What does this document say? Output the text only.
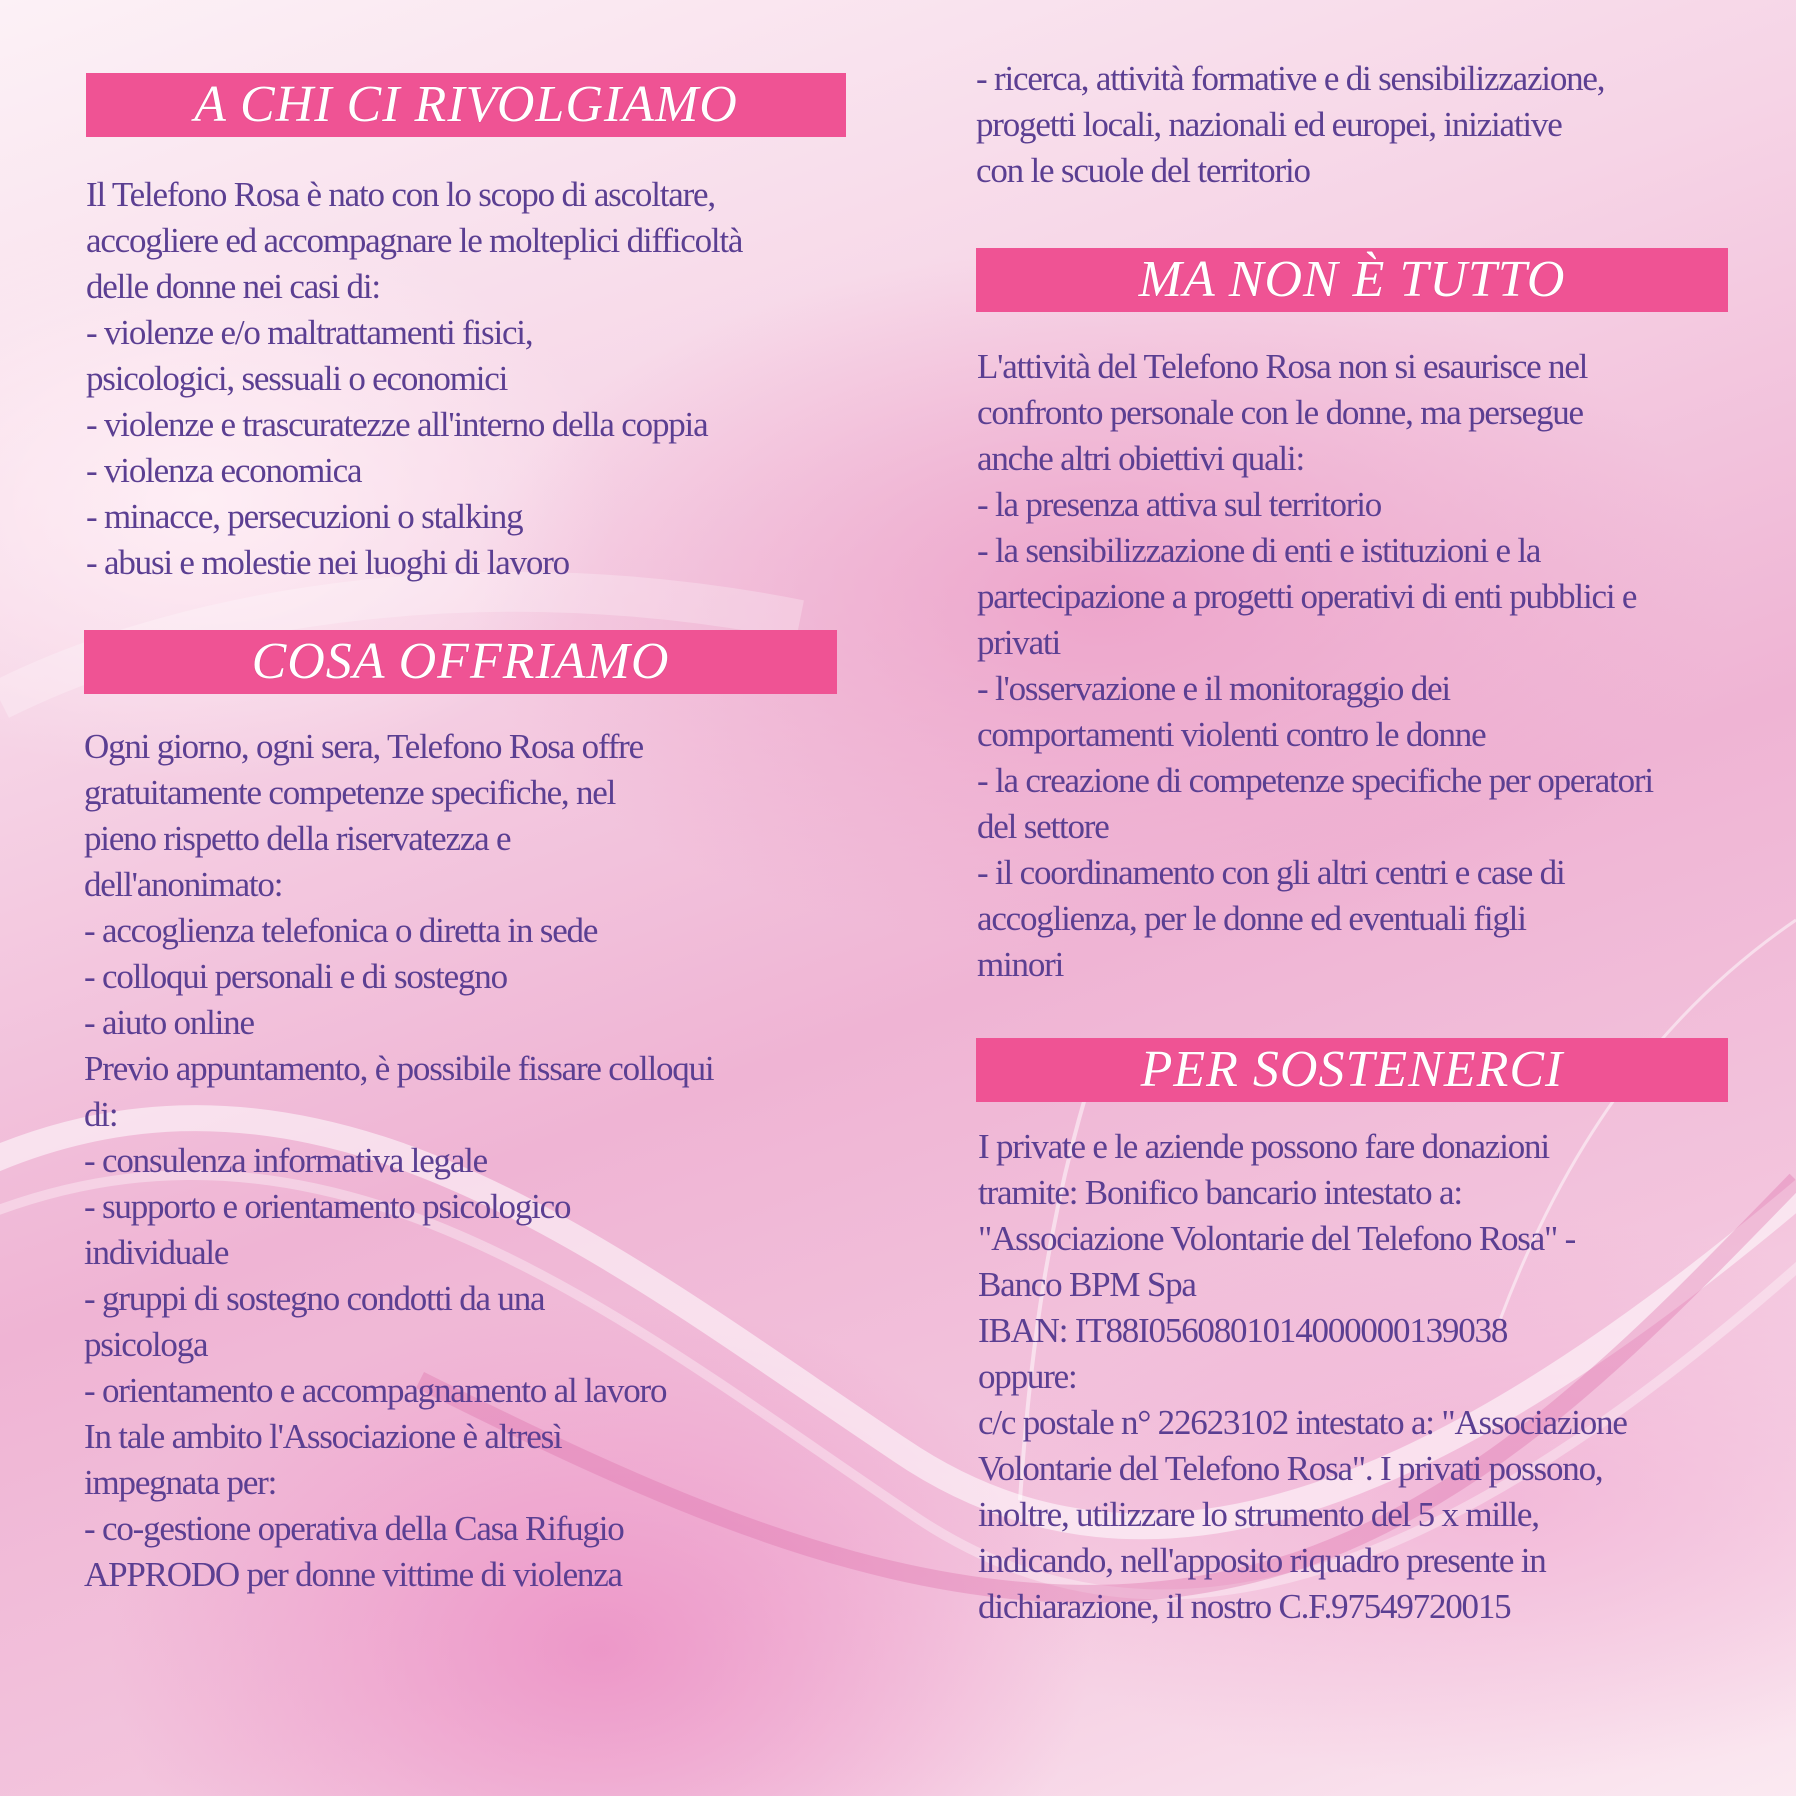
A CHI CI RIVOLGIAMO
Il Telefono Rosa è nato con lo scopo di ascoltare,
accogliere ed accompagnare le molteplici difficoltà
delle donne nei casi di:
- violenze e/o maltrattamenti fisici,
psicologici, sessuali o economici
- violenze e trascuratezze all'interno della coppia
- violenza economica
- minacce, persecuzioni o stalking
- abusi e molestie nei luoghi di lavoro
COSA OFFRIAMO
Ogni giorno, ogni sera, Telefono Rosa offre
gratuitamente competenze specifiche, nel
pieno rispetto della riservatezza e
dell'anonimato:
- accoglienza telefonica o diretta in sede
- colloqui personali e di sostegno
- aiuto online
Previo appuntamento, è possibile fissare colloqui
di:
- consulenza informativa legale
- supporto e orientamento psicologico
individuale
- gruppi di sostegno condotti da una
psicologa
- orientamento e accompagnamento al lavoro
In tale ambito l'Associazione è altresì
impegnata per:
- co-gestione operativa della Casa Rifugio
APPRODO per donne vittime di violenza
- ricerca, attività formative e di sensibilizzazione,
progetti locali, nazionali ed europei, iniziative
con le scuole del territorio
MA NON È TUTTO
L'attività del Telefono Rosa non si esaurisce nel
confronto personale con le donne, ma persegue
anche altri obiettivi quali:
- la presenza attiva sul territorio
- la sensibilizzazione di enti e istituzioni e la
partecipazione a progetti operativi di enti pubblici e
privati
- l'osservazione e il monitoraggio dei
comportamenti violenti contro le donne
- la creazione di competenze specifiche per operatori
del settore
- il coordinamento con gli altri centri e case di
accoglienza, per le donne ed eventuali figli
minori
PER SOSTENERCI
I private e le aziende possono fare donazioni
tramite: Bonifico bancario intestato a:
"Associazione Volontarie del Telefono Rosa" -
Banco BPM Spa
IBAN: IT88I0560801014000000139038
oppure:
c/c postale n° 22623102 intestato a: "Associazione
Volontarie del Telefono Rosa". I privati possono,
inoltre, utilizzare lo strumento del 5 x mille,
indicando, nell'apposito riquadro presente in
dichiarazione, il nostro C.F.97549720015
